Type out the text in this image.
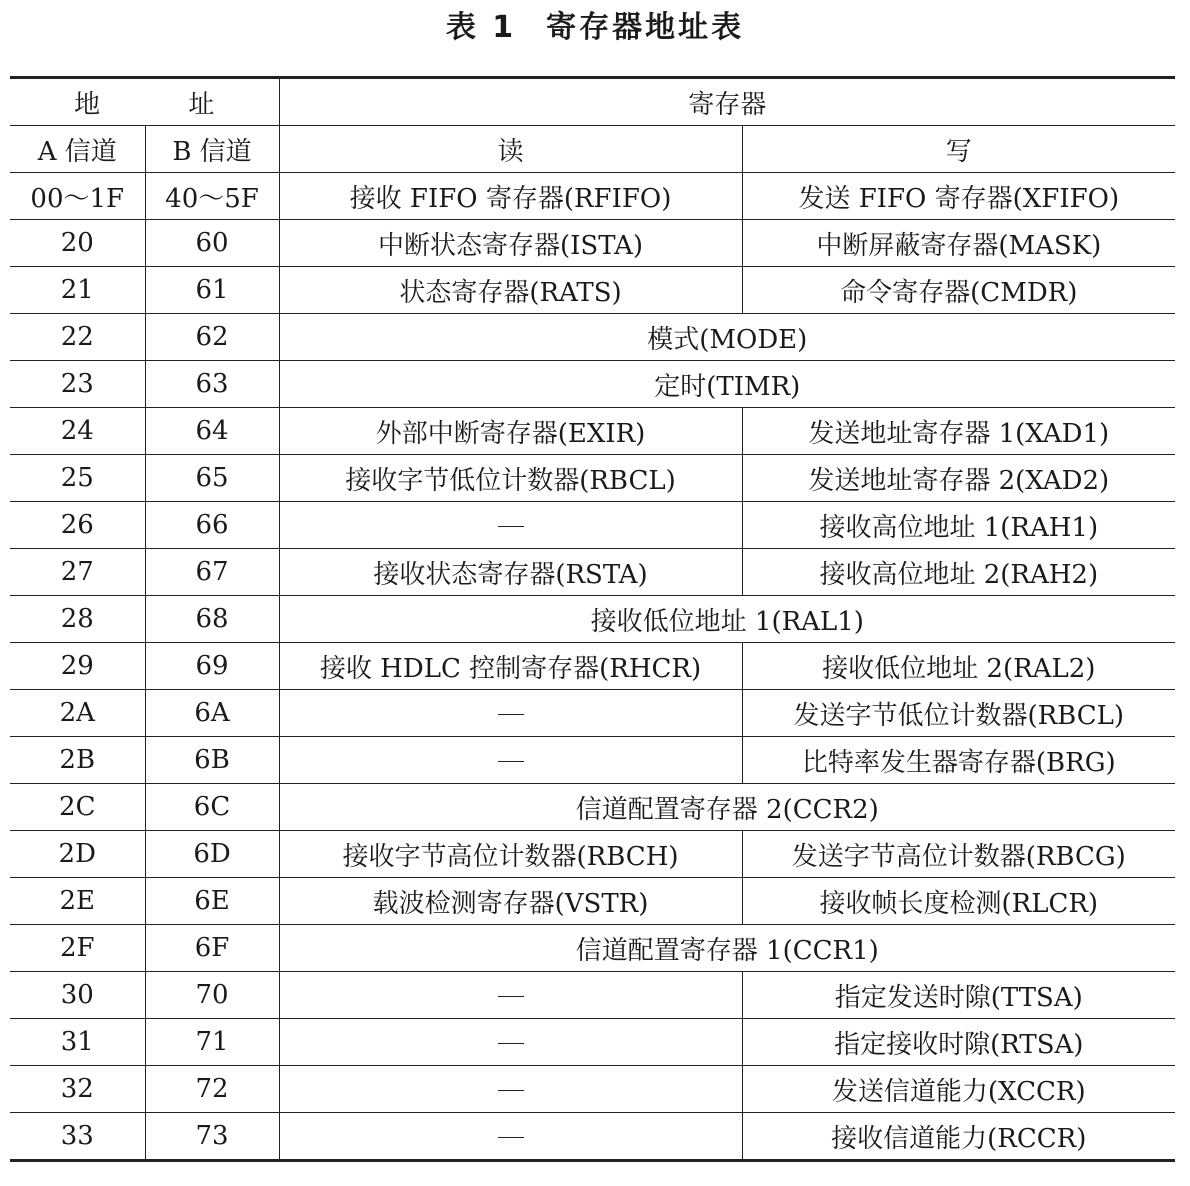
表 1 寄存器地址表
地 址		寄存器	
A 信道	B 信道	读	写
00～1F	40～5F	接收 FIFO 寄存器(RFIFO)	发送 FIFO 寄存器(XFIFO)
20	60	中断状态寄存器(ISTA)	中断屏蔽寄存器(MASK)
21	61	状态寄存器(RATS)	命令寄存器(CMDR)
22	62	模式(MODE)	
23	63	定时(TIMR)	
24	64	外部中断寄存器(EXIR)	发送地址寄存器 1(XAD1)
25	65	接收字节低位计数器(RBCL)	发送地址寄存器 2(XAD2)
26	66		接收高位地址 1(RAH1)
27	67	接收状态寄存器(RSTA)	接收高位地址 2(RAH2)
28	68	接收低位地址 1(RAL1)	
29	69	接收 HDLC 控制寄存器(RHCR)	接收低位地址 2(RAL2)
2A	6A		发送字节低位计数器(RBCL)
2B	6B		比特率发生器寄存器(BRG)
2C	6C	信道配置寄存器 2(CCR2)	
2D	6D	接收字节高位计数器(RBCH)	发送字节高位计数器(RBCG)
2E	6E	载波检测寄存器(VSTR)	接收帧长度检测(RLCR)
2F	6F	信道配置寄存器 1(CCR1)	
30	70		指定发送时隙(TTSA)
31	71		指定接收时隙(RTSA)
32	72		发送信道能力(XCCR)
33	73		接收信道能力(RCCR)
